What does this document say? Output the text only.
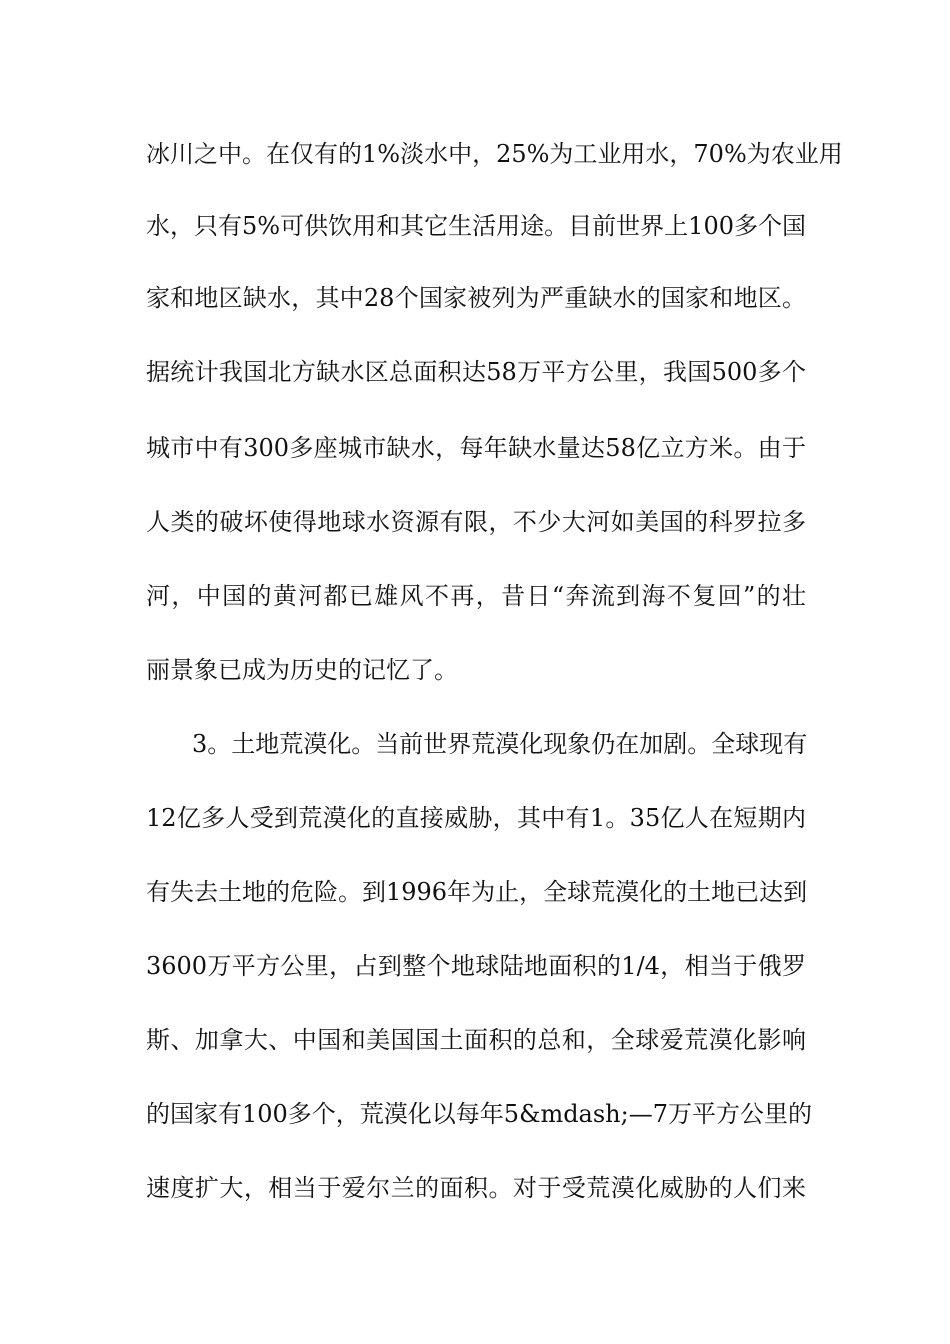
冰川之中。在仅有的1%淡水中，25%为工业用水，70%为农业用
水，只有5%可供饮用和其它生活用途。目前世界上100多个国
家和地区缺水，其中28个国家被列为严重缺水的国家和地区。
据统计我国北方缺水区总面积达58万平方公里，我国500多个
城市中有300多座城市缺水，每年缺水量达58亿立方米。由于
人类的破坏使得地球水资源有限，不少大河如美国的科罗拉多
河，中国的黄河都已雄风不再，昔日“奔流到海不复回”的壮
丽景象已成为历史的记忆了。
3。土地荒漠化。当前世界荒漠化现象仍在加剧。全球现有
12亿多人受到荒漠化的直接威胁，其中有1。35亿人在短期内
有失去土地的危险。到1996年为止，全球荒漠化的土地已达到
3600万平方公里，占到整个地球陆地面积的1/4，相当于俄罗
斯、加拿大、中国和美国国土面积的总和，全球爱荒漠化影响
的国家有100多个，荒漠化以每年5&mdash;—7万平方公里的
速度扩大，相当于爱尔兰的面积。对于受荒漠化威胁的人们来
